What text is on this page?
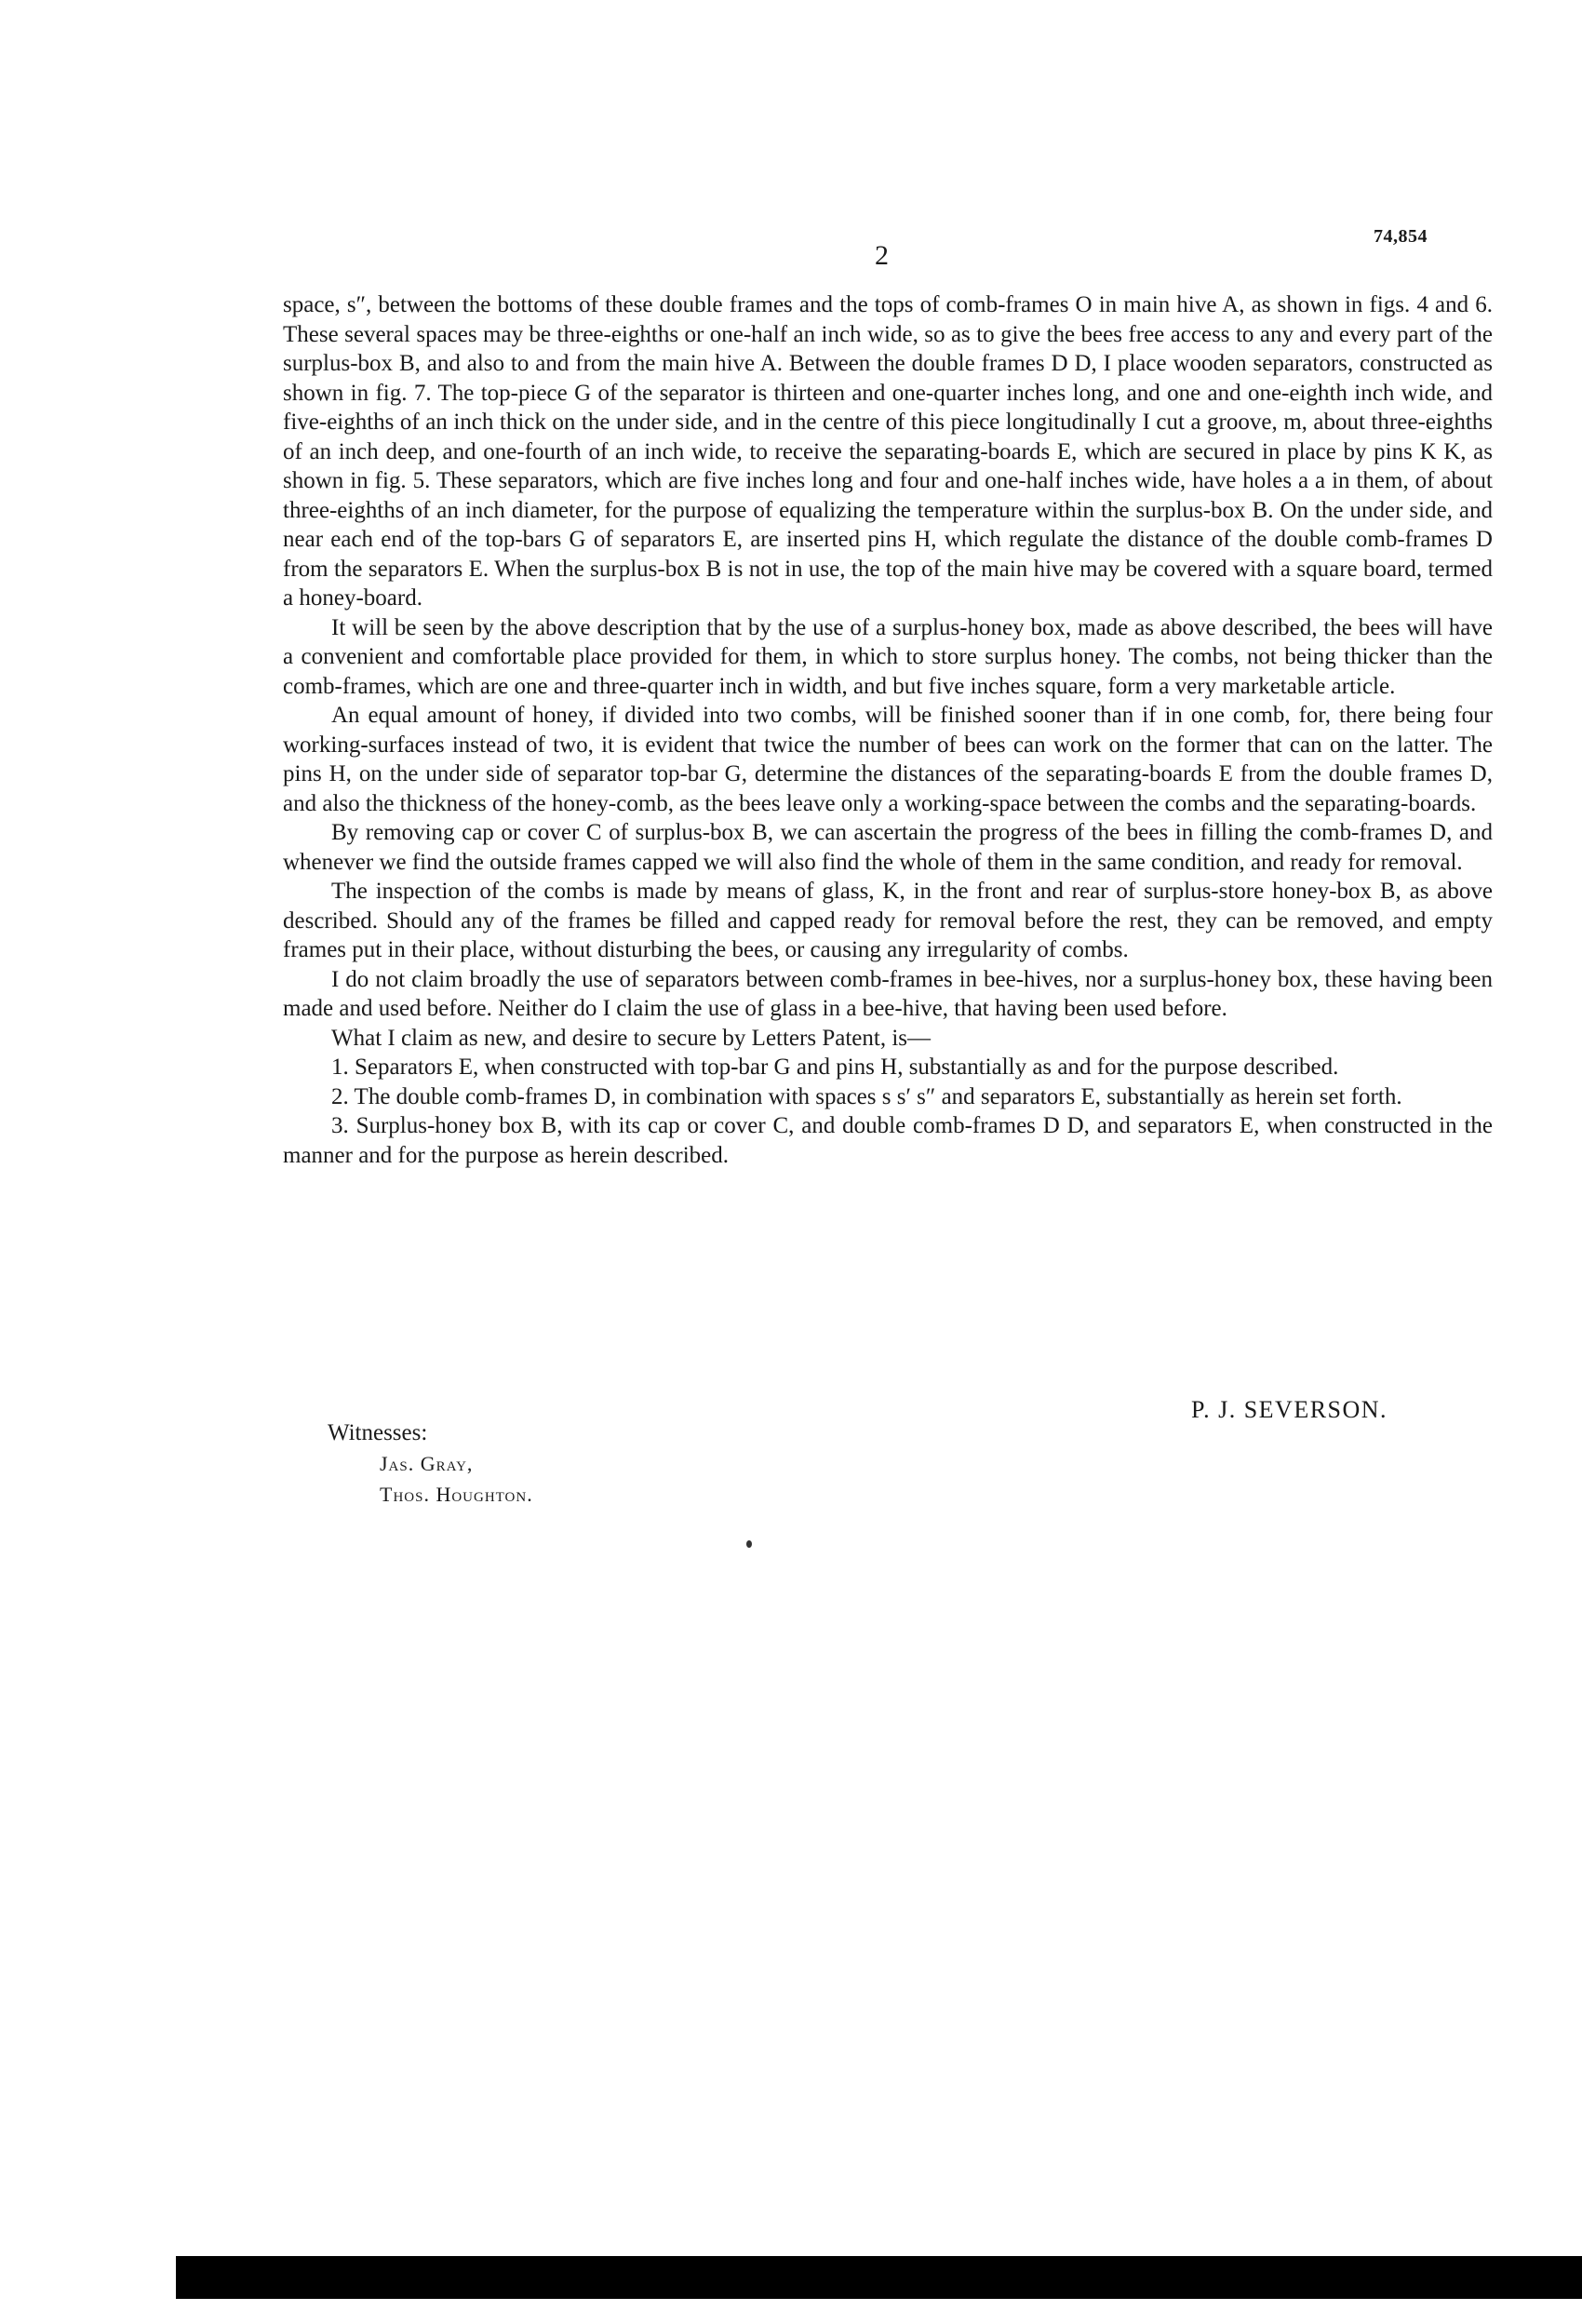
2
74,854

space, s″, between the bottoms of these double frames and the tops of comb-frames O in main hive A, as shown in figs. 4 and 6. These several spaces may be three-eighths or one-half an inch wide, so as to give the bees free access to any and every part of the surplus-box B, and also to and from the main hive A. Between the double frames D D, I place wooden separators, constructed as shown in fig. 7. The top-piece G of the separator is thirteen and one-quarter inches long, and one and one-eighth inch wide, and five-eighths of an inch thick on the under side, and in the centre of this piece longitudinally I cut a groove, m, about three-eighths of an inch deep, and one-fourth of an inch wide, to receive the separating-boards E, which are secured in place by pins K K, as shown in fig. 5. These separators, which are five inches long and four and one-half inches wide, have holes a a in them, of about three-eighths of an inch diameter, for the purpose of equalizing the temperature within the surplus-box B. On the under side, and near each end of the top-bars G of separators E, are inserted pins H, which regulate the distance of the double comb-frames D from the separators E. When the surplus-box B is not in use, the top of the main hive may be covered with a square board, termed a honey-board.

It will be seen by the above description that by the use of a surplus-honey box, made as above described, the bees will have a convenient and comfortable place provided for them, in which to store surplus honey. The combs, not being thicker than the comb-frames, which are one and three-quarter inch in width, and but five inches square, form a very marketable article.

An equal amount of honey, if divided into two combs, will be finished sooner than if in one comb, for, there being four working-surfaces instead of two, it is evident that twice the number of bees can work on the former that can on the latter. The pins H, on the under side of separator top-bar G, determine the distances of the separating-boards E from the double frames D, and also the thickness of the honey-comb, as the bees leave only a working-space between the combs and the separating-boards.

By removing cap or cover C of surplus-box B, we can ascertain the progress of the bees in filling the comb-frames D, and whenever we find the outside frames capped we will also find the whole of them in the same condition, and ready for removal.

The inspection of the combs is made by means of glass, K, in the front and rear of surplus-store honey-box B, as above described. Should any of the frames be filled and capped ready for removal before the rest, they can be removed, and empty frames put in their place, without disturbing the bees, or causing any irregularity of combs.

I do not claim broadly the use of separators between comb-frames in bee-hives, nor a surplus-honey box, these having been made and used before. Neither do I claim the use of glass in a bee-hive, that having been used before.

What I claim as new, and desire to secure by Letters Patent, is—

1. Separators E, when constructed with top-bar G and pins H, substantially as and for the purpose described.

2. The double comb-frames D, in combination with spaces s s′ s″ and separators E, substantially as herein set forth.

3. Surplus-honey box B, with its cap or cover C, and double comb-frames D D, and separators E, when constructed in the manner and for the purpose as herein described.

P. J. SEVERSON.
Witnesses:
Jas. Gray,
Thos. Houghton.
